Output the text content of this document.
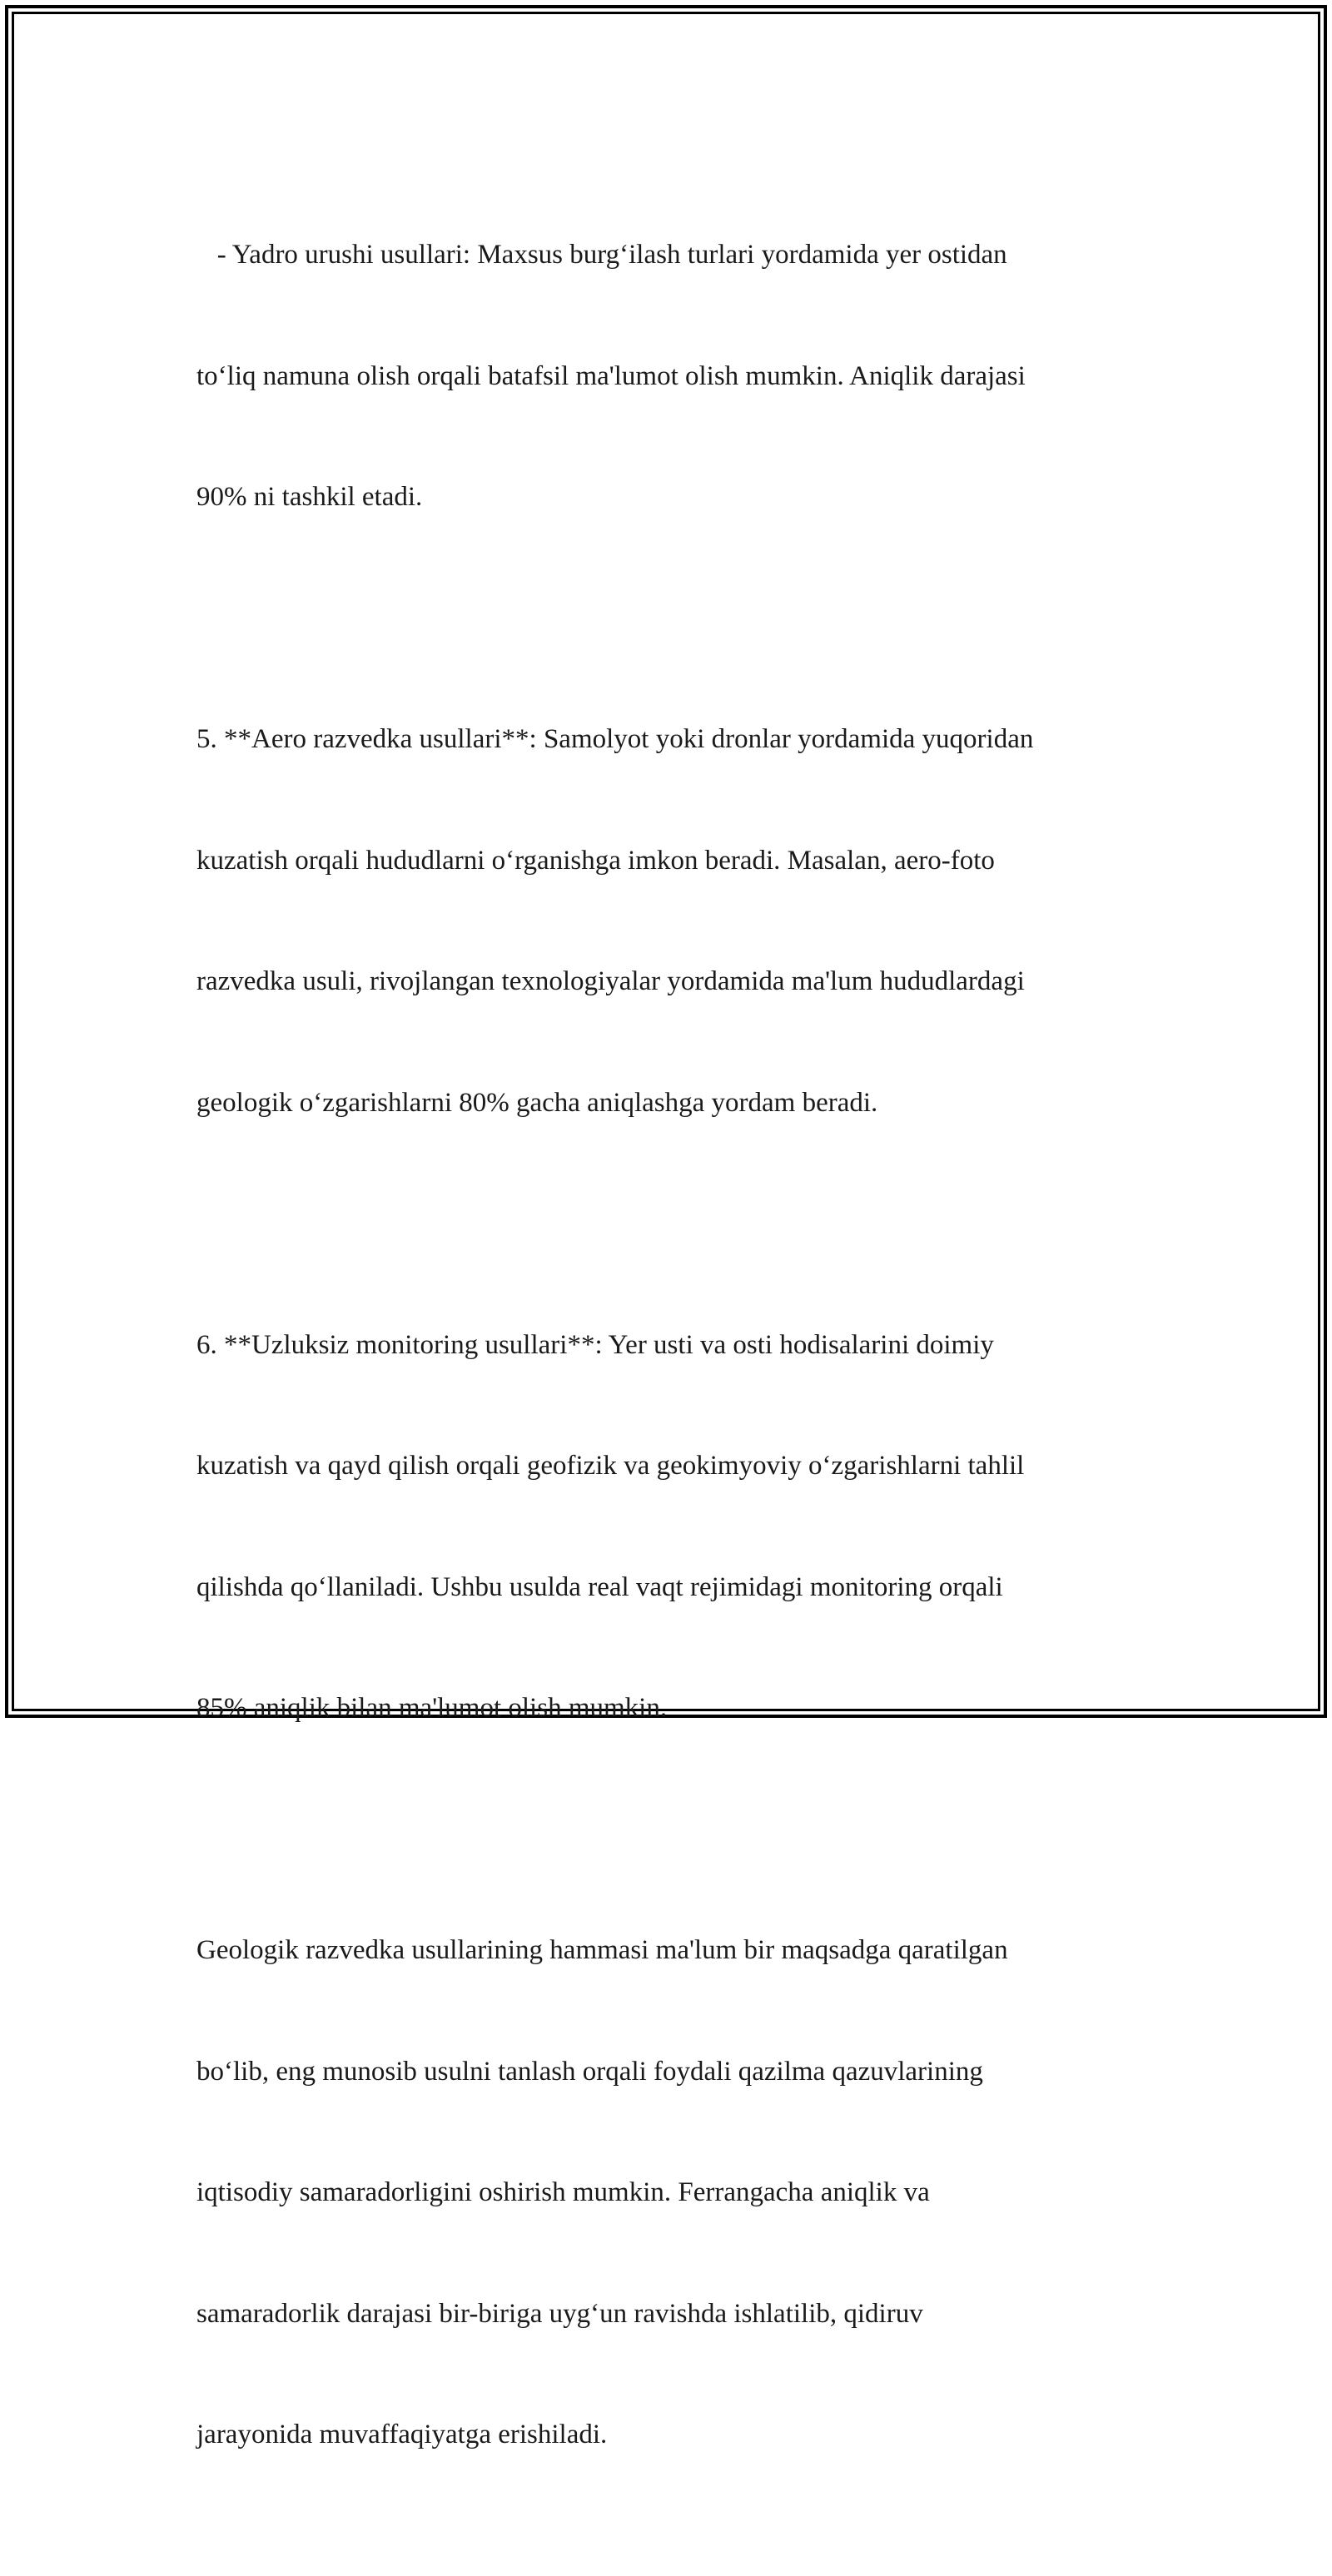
- Yadro urushi usullari: Maxsus burg‘ilash turlari yordamida yer ostidan

to‘liq namuna olish orqali batafsil ma'lumot olish mumkin. Aniqlik darajasi

90% ni tashkil etadi.

5. **Aero razvedka usullari**: Samolyot yoki dronlar yordamida yuqoridan

kuzatish orqali hududlarni o‘rganishga imkon beradi. Masalan, aero-foto

razvedka usuli, rivojlangan texnologiyalar yordamida ma'lum hududlardagi

geologik o‘zgarishlarni 80% gacha aniqlashga yordam beradi.

6. **Uzluksiz monitoring usullari**: Yer usti va osti hodisalarini doimiy

kuzatish va qayd qilish orqali geofizik va geokimyoviy o‘zgarishlarni tahlil

qilishda qo‘llaniladi. Ushbu usulda real vaqt rejimidagi monitoring orqali

85% aniqlik bilan ma'lumot olish mumkin.

Geologik razvedka usullarining hammasi ma'lum bir maqsadga qaratilgan

bo‘lib, eng munosib usulni tanlash orqali foydali qazilma qazuvlarining

iqtisodiy samaradorligini oshirish mumkin. Ferrangacha aniqlik va

samaradorlik darajasi bir-biriga uyg‘un ravishda ishlatilib, qidiruv

jarayonida muvaffaqiyatga erishiladi.
